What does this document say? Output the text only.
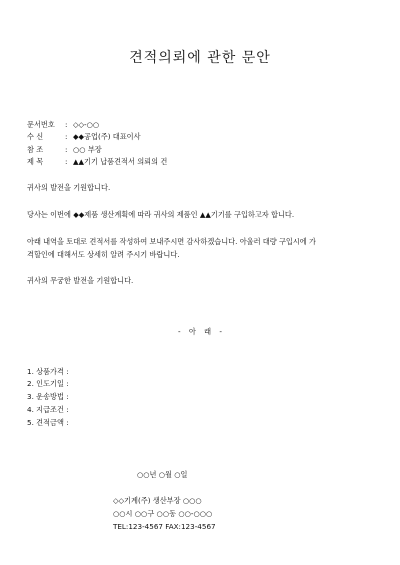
견적의뢰에 관한 문안
문서번호 : ◇◇-○○
수 신	: ◆◆공업(주) 대표이사
참 조	: ○○ 부장
제 목	: ▲▲기기 납품견적서 의뢰의 건
귀사의 발전을 기원합니다.
당사는 이번에 ◆◆제품 생산계획에 따라 귀사의 제품인 ▲▲기기를 구입하고자 합니다.
아래 내역을 토대로 견적서를 작성하여 보내주시면 감사하겠습니다. 아울러 대량 구입시에 가
격할인에 대해서도 상세히 알려 주시기 바랍니다.
귀사의 무궁한 발전을 기원합니다.
- 아 래 -
1. 상품가격 :
2. 인도기일 :
3. 운송방법 :
4. 지급조건 :
5. 견적금액 :
○○년 ○월 ○일
◇◇기계(주) 생산부장 ○○○
○○시 ○○구 ○○동 ○○-○○○
TEL:123-4567 FAX:123-4567
